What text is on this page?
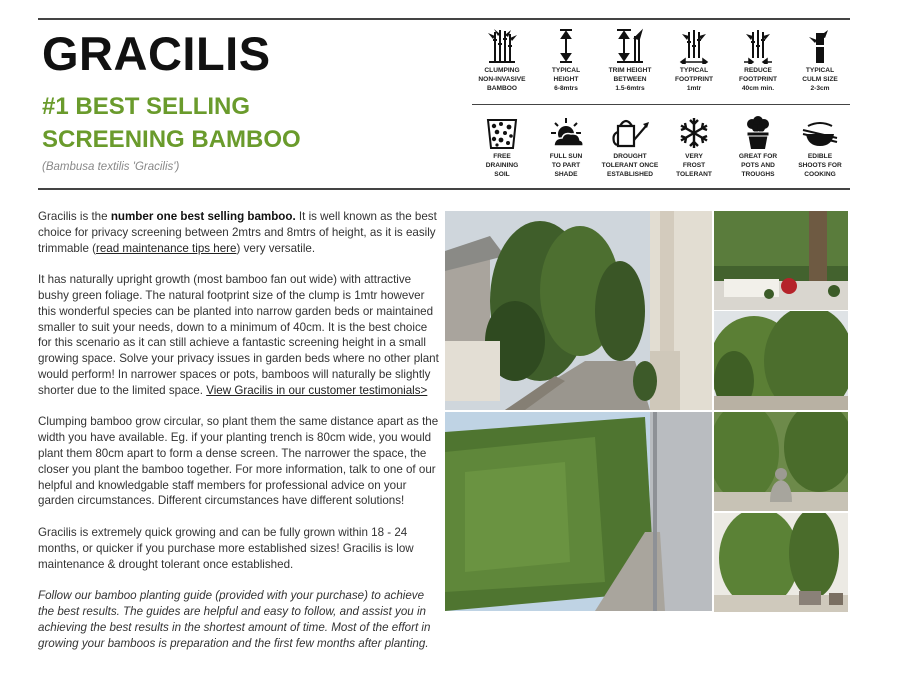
GRACILIS
#1 BEST SELLING
SCREENING BAMBOO
(Bambusa textilis 'Gracilis')
CLUMPING
NON-INVASIVE
BAMBOO
TYPICAL
HEIGHT
6-8mtrs
TRIM HEIGHT
BETWEEN
1.5-6mtrs
TYPICAL
FOOTPRINT
1mtr
REDUCE
FOOTPRINT
40cm min.
TYPICAL
CULM SIZE
2-3cm
FREE
DRAINING
SOIL
FULL SUN
TO PART
SHADE
DROUGHT
TOLERANT ONCE
ESTABLISHED
VERY
FROST
TOLERANT
GREAT FOR
POTS AND
TROUGHS
EDIBLE
SHOOTS FOR
COOKING

Gracilis is the number one best selling bamboo. It is well known as the best choice for privacy screening between 2mtrs and 8mtrs of height, as it is easily trimmable (read maintenance tips here) very versatile.

It has naturally upright growth (most bamboo fan out wide) with attractive bushy green foliage. The natural footprint size of the clump is 1mtr however this wonderful species can be planted into narrow garden beds or maintained smaller to suit your needs, down to a minimum of 40cm. It is the best choice for this scenario as it can still achieve a fantastic screening height in a small growing space. Solve your privacy issues in garden beds where no other plant would perform! In narrower spaces or pots, bamboos will naturally be slightly shorter due to the limited space. View Gracilis in our customer testimonials>

Clumping bamboo grow circular, so plant them the same distance apart as the width you have available. Eg. if your planting trench is 80cm wide, you would plant them 80cm apart to form a dense screen. The narrower the space, the closer you plant the bamboo together. For more information, talk to one of our helpful and knowledgable staff members for professional advice on your garden circumstances. Different circumstances have different solutions!

Gracilis is extremely quick growing and can be fully grown within 18 - 24 months, or quicker if you purchase more established sizes! Gracilis is low maintenance & drought tolerant once established.

Follow our bamboo planting guide (provided with your purchase) to achieve the best results. The guides are helpful and easy to follow, and assist you in achieving the best results in the shortest amount of time. Most of the effort in growing your bamboos is preparation and the first few months after planting.
